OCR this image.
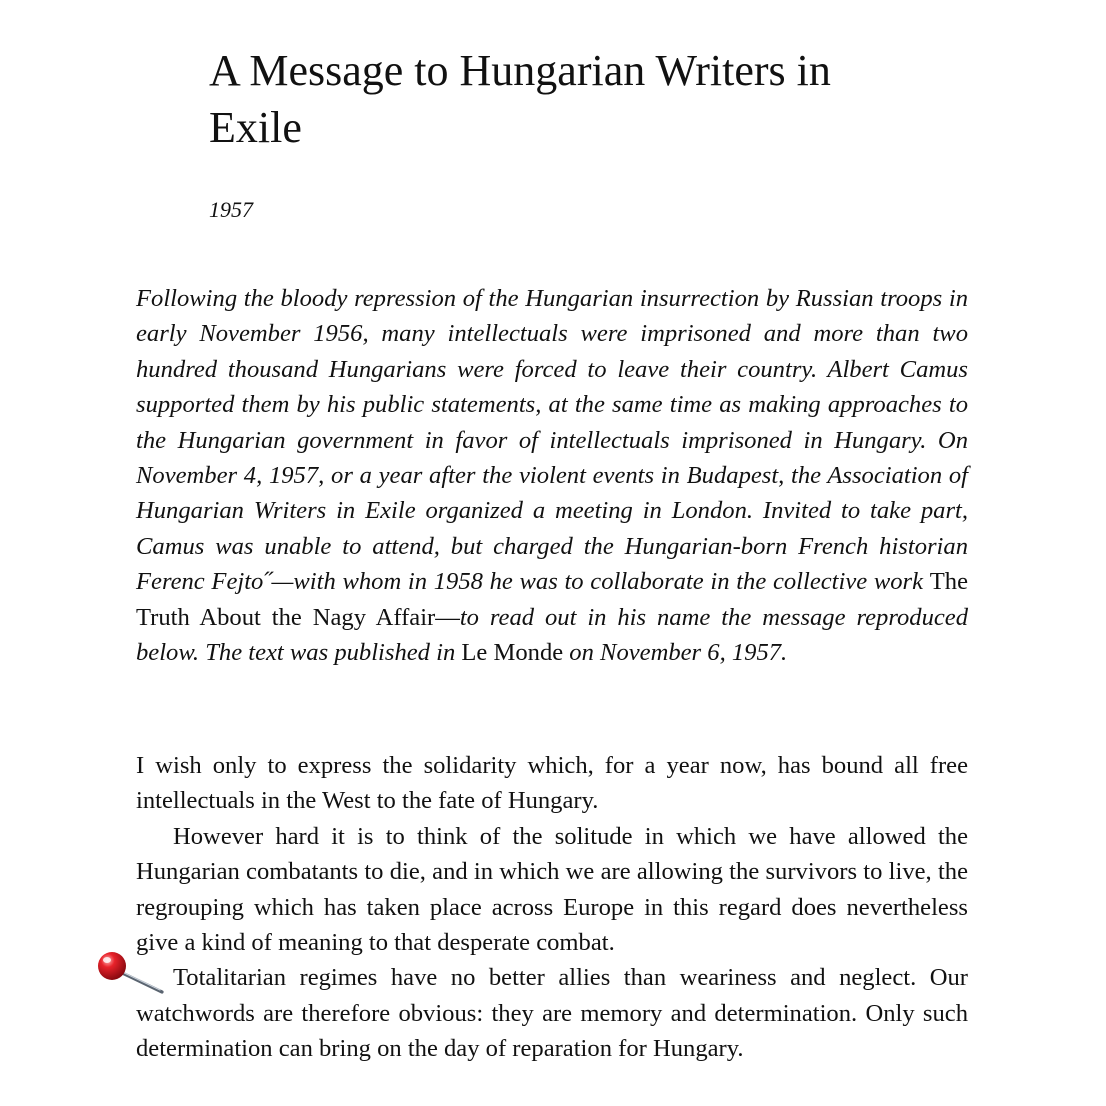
A Message to Hungarian Writers in Exile
1957

Following the bloody repression of the Hungarian insurrection by Russian troops in early November 1956, many intellectuals were imprisoned and more than two hundred thousand Hungarians were forced to leave their country. Albert Camus supported them by his public statements, at the same time as making approaches to the Hungarian government in favor of intellectuals imprisoned in Hungary. On November 4, 1957, or a year after the violent events in Budapest, the Association of Hungarian Writers in Exile organized a meeting in London. Invited to take part, Camus was unable to attend, but charged the Hungarian-born French historian Ferenc Fejto˝—with whom in 1958 he was to collaborate in the collective work The Truth About the Nagy Affair—to read out in his name the message reproduced below. The text was published in Le Monde on November 6, 1957.

I wish only to express the solidarity which, for a year now, has bound all free intellectuals in the West to the fate of Hungary.

However hard it is to think of the solitude in which we have allowed the Hungarian combatants to die, and in which we are allowing the survivors to live, the regrouping which has taken place across Europe in this regard does nevertheless give a kind of meaning to that desperate combat.

Totalitarian regimes have no better allies than weariness and neglect. Our watchwords are therefore obvious: they are memory and determination. Only such determination can bring on the day of reparation for Hungary.
